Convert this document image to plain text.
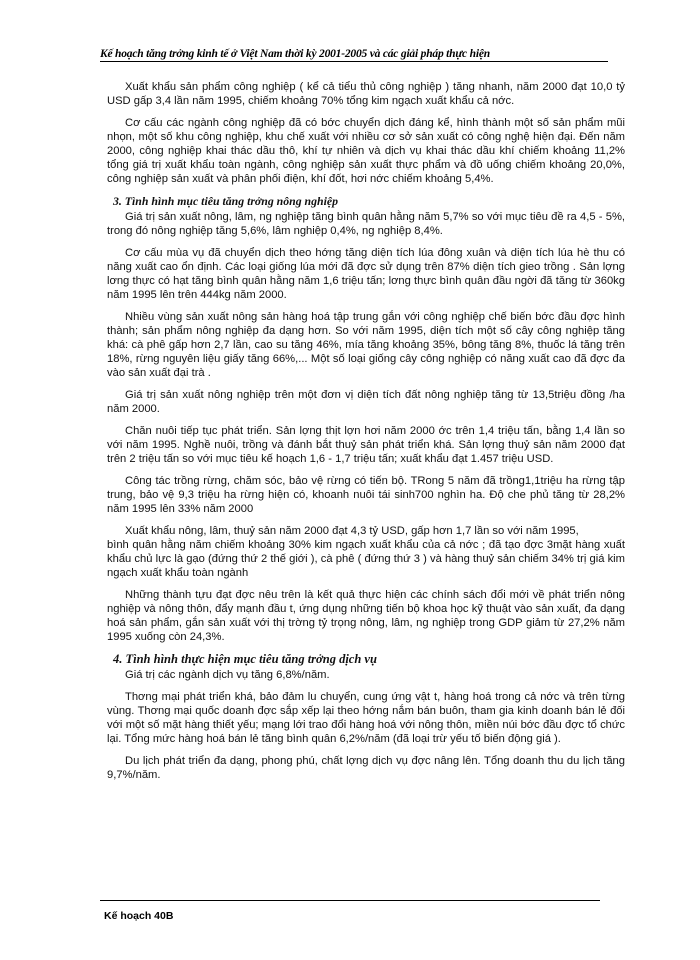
Kế hoạch tăng trởng kinh tế ở Việt Nam thời kỳ 2001-2005 và các giải pháp thực hiện

Xuất khẩu sản phẩm công nghiệp ( kể cả tiểu thủ công nghiệp ) tăng nhanh, năm 2000 đạt 10,0 tỷ USD gấp 3,4 lần năm 1995, chiếm khoảng 70% tổng kim ngạch xuất khẩu cả nớc.

Cơ cấu các ngành công nghiệp đã có bớc chuyển dịch đáng kể, hình thành một số sản phẩm mũi nhọn, một số khu công nghiệp, khu chế xuất với nhiều cơ sở sản xuất có công nghệ hiện đại. Đến năm 2000, công nghiệp khai thác dầu thô, khí tự nhiên và dịch vụ khai thác dầu khí chiếm khoảng 11,2% tổng giá trị xuất khẩu toàn ngành, công nghiệp sản xuất thực phẩm và đồ uống chiếm khoảng 20,0%, công nghiệp sản xuất và phân phối điện, khí đốt, hơi nớc chiếm khoảng 5,4%.

3. Tình hình mục tiêu tăng trởng nông nghiệp

Giá trị sản xuất nông, lâm, ng nghiệp tăng bình quân hằng năm 5,7% so với mục tiêu đề ra 4,5 - 5%, trong đó nông nghiệp tăng 5,6%, lâm nghiệp 0,4%, ng nghiệp 8,4%.

Cơ cấu mùa vụ đã chuyển dịch theo hớng tăng diện tích lúa đông xuân và diện tích lúa hè thu có năng xuất cao ổn định. Các loại giống lúa mới đã đợc sử dụng trên 87% diện tích gieo trồng . Sản lợng lơng thực có hạt tăng bình quân hằng năm 1,6 triệu tấn; lơng thực bình quân đầu ngời đã tăng từ 360kg năm 1995 lên trên 444kg năm 2000.

Nhiều vùng sản xuất nông sản hàng hoá tập trung gắn với công nghiệp chế biến bớc đầu đợc hình thành; sản phẩm nông nghiệp đa dạng hơn. So với năm 1995, diện tích một số cây công nghiệp tăng khá: cà phê gấp hơn 2,7 lần, cao su tăng 46%, mía tăng khoảng 35%, bông tăng 8%, thuốc lá tăng trên 18%, rừng nguyên liệu giấy tăng 66%,... Một số loại giống cây công nghiệp có năng xuất cao đã đợc đa vào sản xuất đại trà .

Giá trị sản xuất nông nghiệp trên một đơn vị diện tích đất nông nghiệp tăng từ 13,5triệu đồng /ha năm 2000.

Chăn nuôi tiếp tục phát triển. Sản lợng thịt lợn hơi năm 2000 ớc trên 1,4 triệu tấn, bằng 1,4 lần so với năm 1995. Nghề nuôi, trồng và đánh bắt thuỷ sản phát triển khá. Sản lợng thuỷ sản năm 2000 đạt trên 2 triệu tấn so với mục tiêu kế hoạch 1,6 - 1,7 triệu tấn; xuất khẩu đạt 1.457 triệu USD.

Công tác trồng rừng, chăm sóc, bảo vệ rừng có tiến bộ. TRong 5 năm đã trồng1,1triệu ha rừng tập trung, bảo vệ 9,3 triệu ha rừng hiện có, khoanh nuôi tái sinh700 nghìn ha. Độ che phủ tăng từ 28,2% năm 1995 lên 33% năm 2000

Xuất khẩu nông, lâm, thuỷ sản năm 2000 đạt 4,3 tỷ USD, gấp hơn 1,7 lần so với năm 1995,

bình quân hằng năm chiếm khoảng 30% kim ngạch xuất khẩu của cả nớc ; đã tạo đợc 3mặt hàng xuất khẩu chủ lực là gạo (đứng thứ 2 thế giới ), cà phê ( đứng thứ 3 ) và hàng thuỷ sản chiếm 34% trị giá kim ngạch xuất khẩu toàn ngành

Những thành tựu đạt đợc nêu trên là kết quả thực hiện các chính sách đổi mới về phát triển nông nghiệp và nông thôn, đẩy mạnh đầu t, ứng dụng những tiến bộ khoa học kỹ thuật vào sản xuất, đa dạng hoá sản phẩm, gắn sản xuất với thị trờng tỷ trọng nông, lâm, ng nghiệp trong GDP giảm từ 27,2% năm 1995 xuống còn 24,3%.

4. Tình hình thực hiện mục tiêu tăng trởng dịch vụ

Giá trị các ngành dịch vụ tăng 6,8%/năm.

Thơng mại phát triển khá, bảo đảm lu chuyển, cung ứng vật t, hàng hoá trong cả nớc và trên từng vùng. Thơng mại quốc doanh đợc sắp xếp lại theo hớng nắm bán buôn, tham gia kinh doanh bán lẻ đối với một số mặt hàng thiết yếu; mạng lới trao đổi hàng hoá với nông thôn, miền núi bớc đầu đợc tổ chức lại. Tổng mức hàng hoá bán lẻ tăng bình quân 6,2%/năm (đã loại trừ yếu tố biến động giá ).

Du lịch phát triển đa dạng, phong phú, chất lợng dịch vụ đợc nâng lên. Tổng doanh thu du lịch tăng 9,7%/năm.

Kế hoạch 40B
